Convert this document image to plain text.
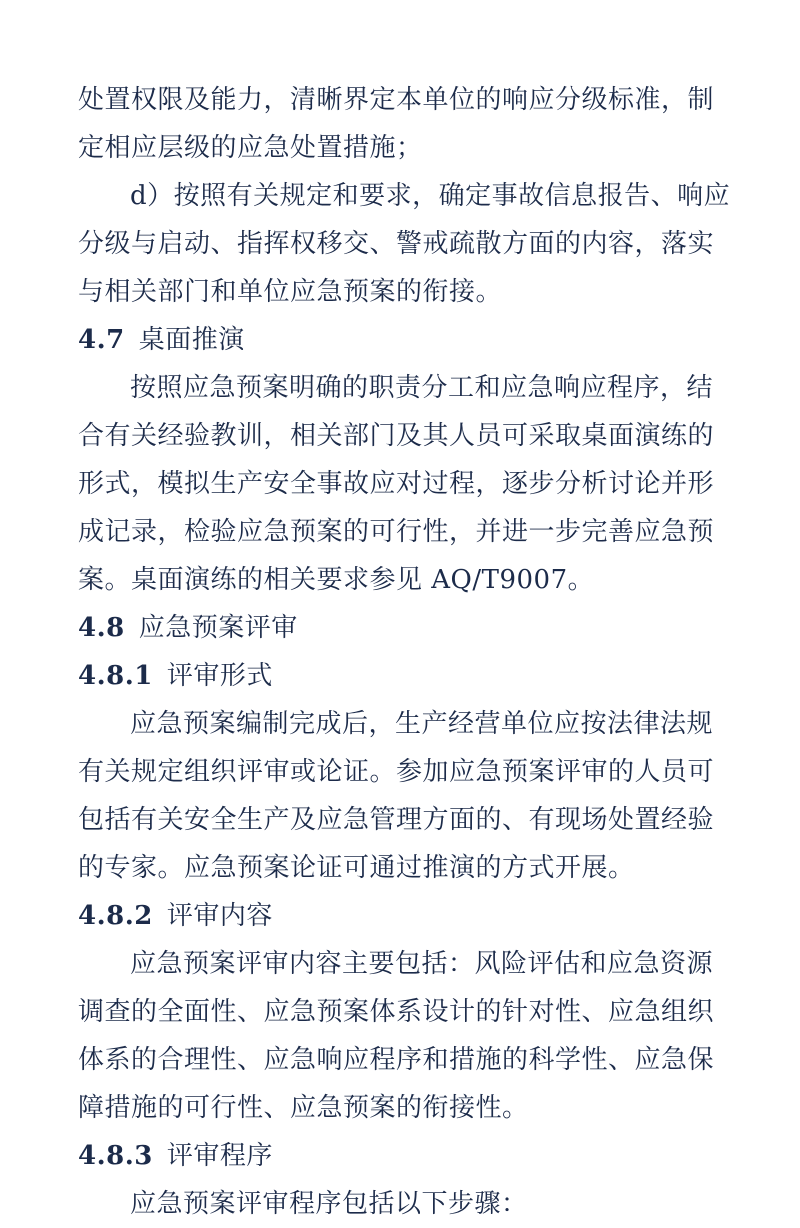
处置权限及能力，清晰界定本单位的响应分级标准，制
定相应层级的应急处置措施；
d）按照有关规定和要求，确定事故信息报告、响应
分级与启动、指挥权移交、警戒疏散方面的内容，落实
与相关部门和单位应急预案的衔接。
4.7 桌面推演
按照应急预案明确的职责分工和应急响应程序，结
合有关经验教训，相关部门及其人员可采取桌面演练的
形式，模拟生产安全事故应对过程，逐步分析讨论并形
成记录，检验应急预案的可行性，并进一步完善应急预
案。桌面演练的相关要求参见 AQ/T9007。
4.8 应急预案评审
4.8.1 评审形式
应急预案编制完成后，生产经营单位应按法律法规
有关规定组织评审或论证。参加应急预案评审的人员可
包括有关安全生产及应急管理方面的、有现场处置经验
的专家。应急预案论证可通过推演的方式开展。
4.8.2 评审内容
应急预案评审内容主要包括：风险评估和应急资源
调查的全面性、应急预案体系设计的针对性、应急组织
体系的合理性、应急响应程序和措施的科学性、应急保
障措施的可行性、应急预案的衔接性。
4.8.3 评审程序
应急预案评审程序包括以下步骤：
